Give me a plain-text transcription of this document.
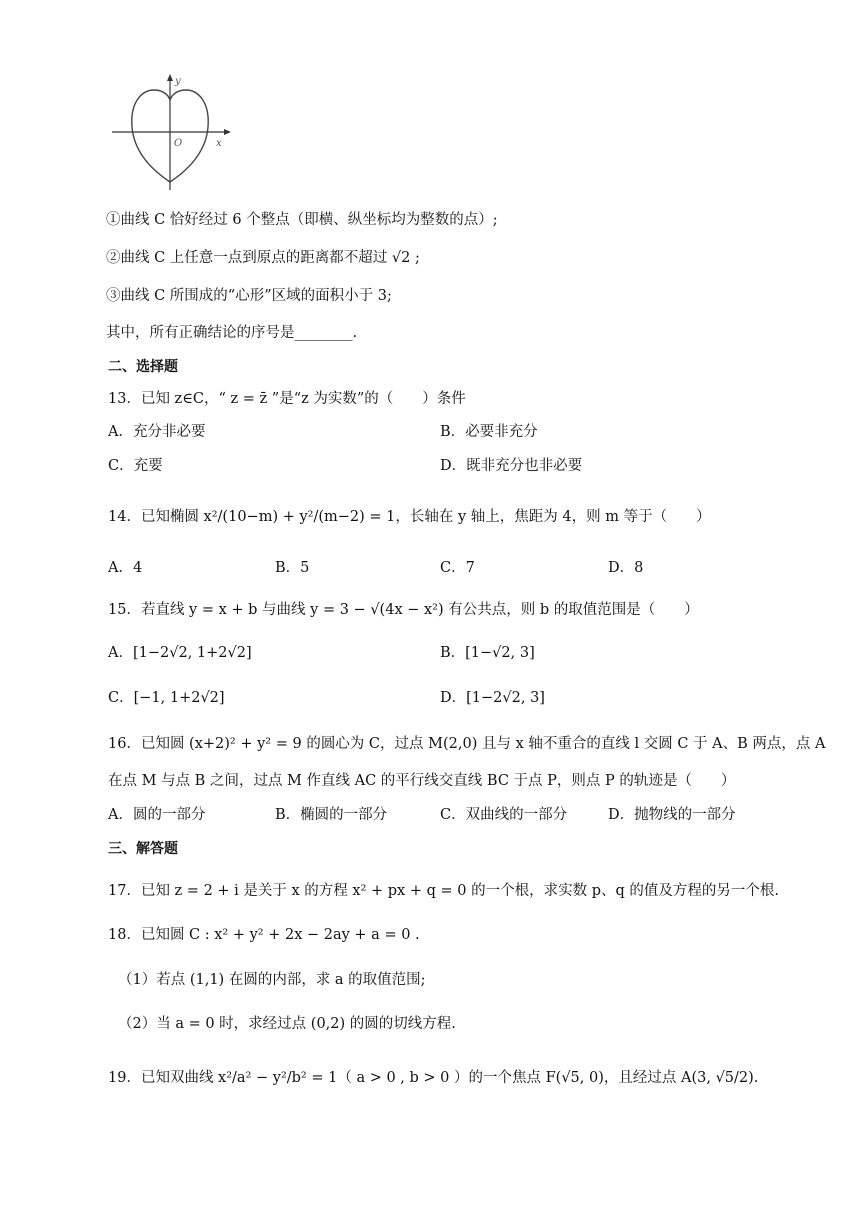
y
x
O
①曲线 C 恰好经过 6 个整点（即横、纵坐标均为整数的点）;
②曲线 C 上任意一点到原点的距离都不超过 √2 ;
③曲线 C 所围成的“心形”区域的面积小于 3;
其中，所有正确结论的序号是________.
二、选择题
13．已知 z∈C，“ z = z̄ ”是“z 为实数”的（　　）条件
A．充分非必要	B．必要非充分
C．充要	D．既非充分也非必要
14．已知椭圆 x²/(10−m) + y²/(m−2) = 1，长轴在 y 轴上，焦距为 4，则 m 等于（　　）
A．4	B．5	C．7	D．8
15．若直线 y = x + b 与曲线 y = 3 − √(4x − x²) 有公共点，则 b 的取值范围是（　　）
A．[1−2√2, 1+2√2]	B．[1−√2, 3]
C．[−1, 1+2√2]	D．[1−2√2, 3]
16．已知圆 (x+2)² + y² = 9 的圆心为 C，过点 M(2,0) 且与 x 轴不重合的直线 l 交圆 C 于 A、B 两点，点 A
在点 M 与点 B 之间，过点 M 作直线 AC 的平行线交直线 BC 于点 P，则点 P 的轨迹是（　　）
A．圆的一部分	B．椭圆的一部分	C．双曲线的一部分	D．抛物线的一部分
三、解答题
17．已知 z = 2 + i 是关于 x 的方程 x² + px + q = 0 的一个根，求实数 p、q 的值及方程的另一个根.
18．已知圆 C : x² + y² + 2x − 2ay + a = 0 .
（1）若点 (1,1) 在圆的内部，求 a 的取值范围;
（2）当 a = 0 时，求经过点 (0,2) 的圆的切线方程.
19．已知双曲线 x²/a² − y²/b² = 1（ a > 0 , b > 0 ）的一个焦点 F(√5, 0)，且经过点 A(3, √5/2).
